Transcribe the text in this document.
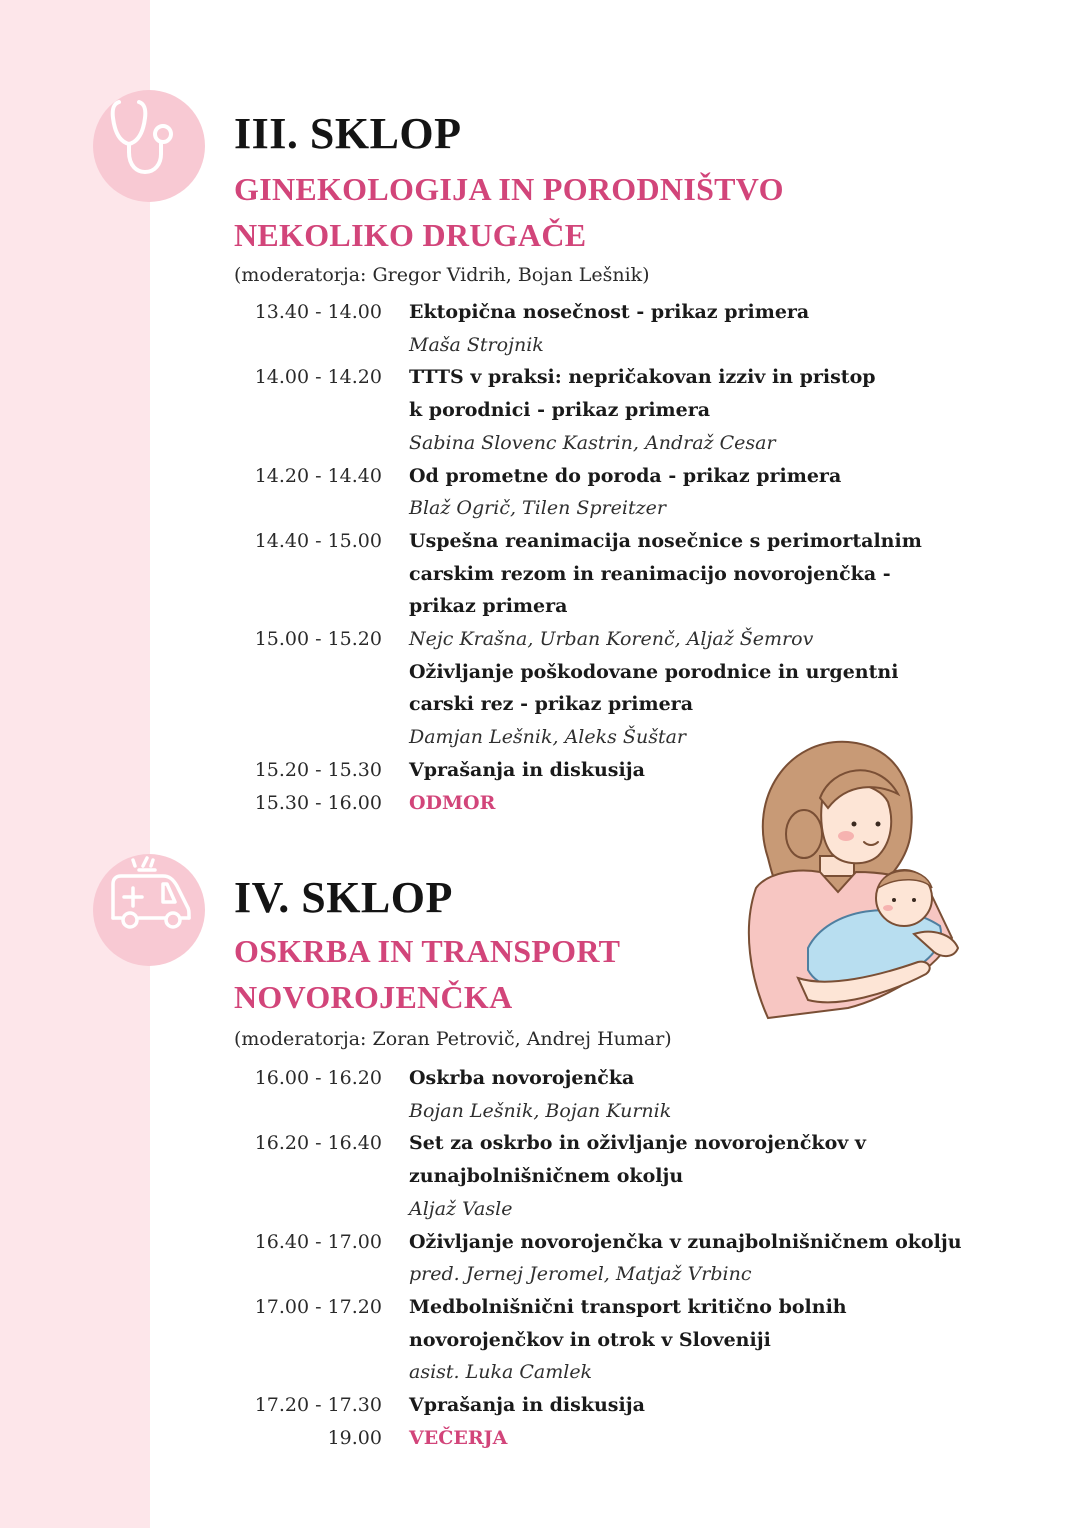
III. SKLOP
GINEKOLOGIJA IN PORODNIŠTVO
NEKOLIKO DRUGAČE
(moderatorja: Gregor Vidrih, Bojan Lešnik)
13.40 - 14.00 Ektopična nosečnost - prikaz primera
Maša Strojnik
14.00 - 14.20 TTTS v praksi: nepričakovan izziv in pristop
k porodnici - prikaz primera
Sabina Slovenc Kastrin, Andraž Cesar
14.20 - 14.40 Od prometne do poroda - prikaz primera
Blaž Ogrič, Tilen Spreitzer
14.40 - 15.00
15.00 - 15.20
Uspešna reanimacija nosečnice s perimortalnim
carskim rezom in reanimacijo novorojenčka -
prikaz primera
Nejc Krašna, Urban Korenč, Aljaž Šemrov
Oživljanje poškodovane porodnice in urgentni
carski rez - prikaz primera
Damjan Lešnik, Aleks Šuštar
15.20 - 15.30 Vprašanja in diskusija
15.30 - 16.00 ODMOR
IV. SKLOP
OSKRBA IN TRANSPORT
NOVOROJENČKA
(moderatorja: Zoran Petrovič, Andrej Humar)
16.00 - 16.20 Oskrba novorojenčka
Bojan Lešnik, Bojan Kurnik
16.20 - 16.40 Set za oskrbo in oživljanje novorojenčkov v
zunajbolnišničnem okolju
Aljaž Vasle
16.40 - 17.00 Oživljanje novorojenčka v zunajbolnišničnem okolju
pred. Jernej Jeromel, Matjaž Vrbinc
17.00 - 17.20 Medbolnišnični transport kritično bolnih
novorojenčkov in otrok v Sloveniji
asist. Luka Camlek
17.20 - 17.30 Vprašanja in diskusija
19.00 VEČERJA
